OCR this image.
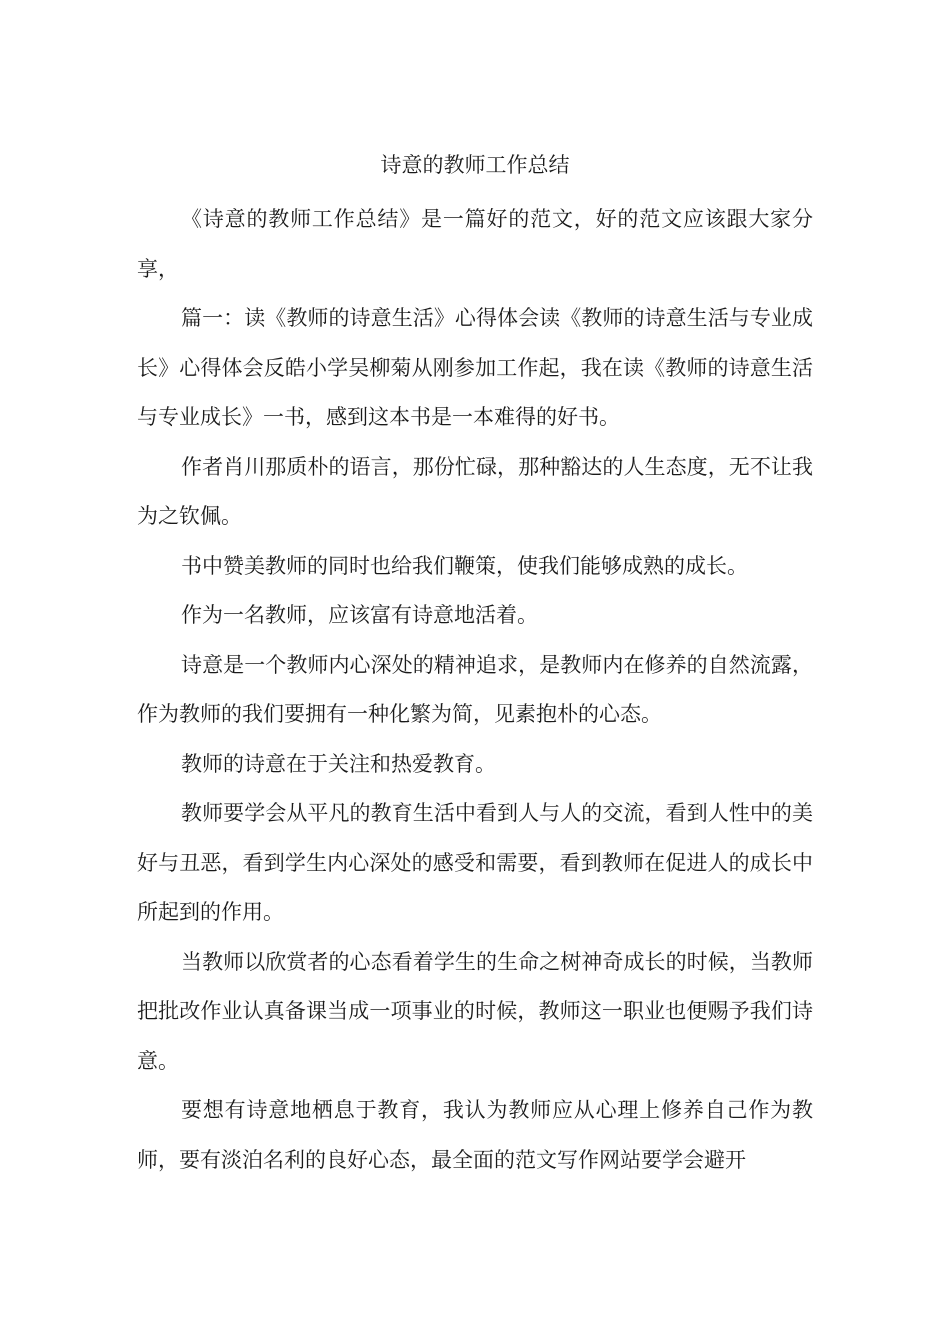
诗意的教师工作总结

《诗意的教师工作总结》是一篇好的范文，好的范文应该跟大家分享，

篇一：读《教师的诗意生活》心得体会读《教师的诗意生活与专业成长》心得体会反皓小学吴柳菊从刚参加工作起，我在读《教师的诗意生活与专业成长》一书，感到这本书是一本难得的好书。

作者肖川那质朴的语言，那份忙碌，那种豁达的人生态度，无不让我为之钦佩。

书中赞美教师的同时也给我们鞭策，使我们能够成熟的成长。

作为一名教师，应该富有诗意地活着。

诗意是一个教师内心深处的精神追求，是教师内在修养的自然流露，作为教师的我们要拥有一种化繁为简，见素抱朴的心态。

教师的诗意在于关注和热爱教育。

教师要学会从平凡的教育生活中看到人与人的交流，看到人性中的美好与丑恶，看到学生内心深处的感受和需要，看到教师在促进人的成长中所起到的作用。

当教师以欣赏者的心态看着学生的生命之树神奇成长的时候，当教师把批改作业认真备课当成一项事业的时候，教师这一职业也便赐予我们诗意。

要想有诗意地栖息于教育，我认为教师应从心理上修养自己作为教师，要有淡泊名利的良好心态，最全面的范文写作网站要学会避开
